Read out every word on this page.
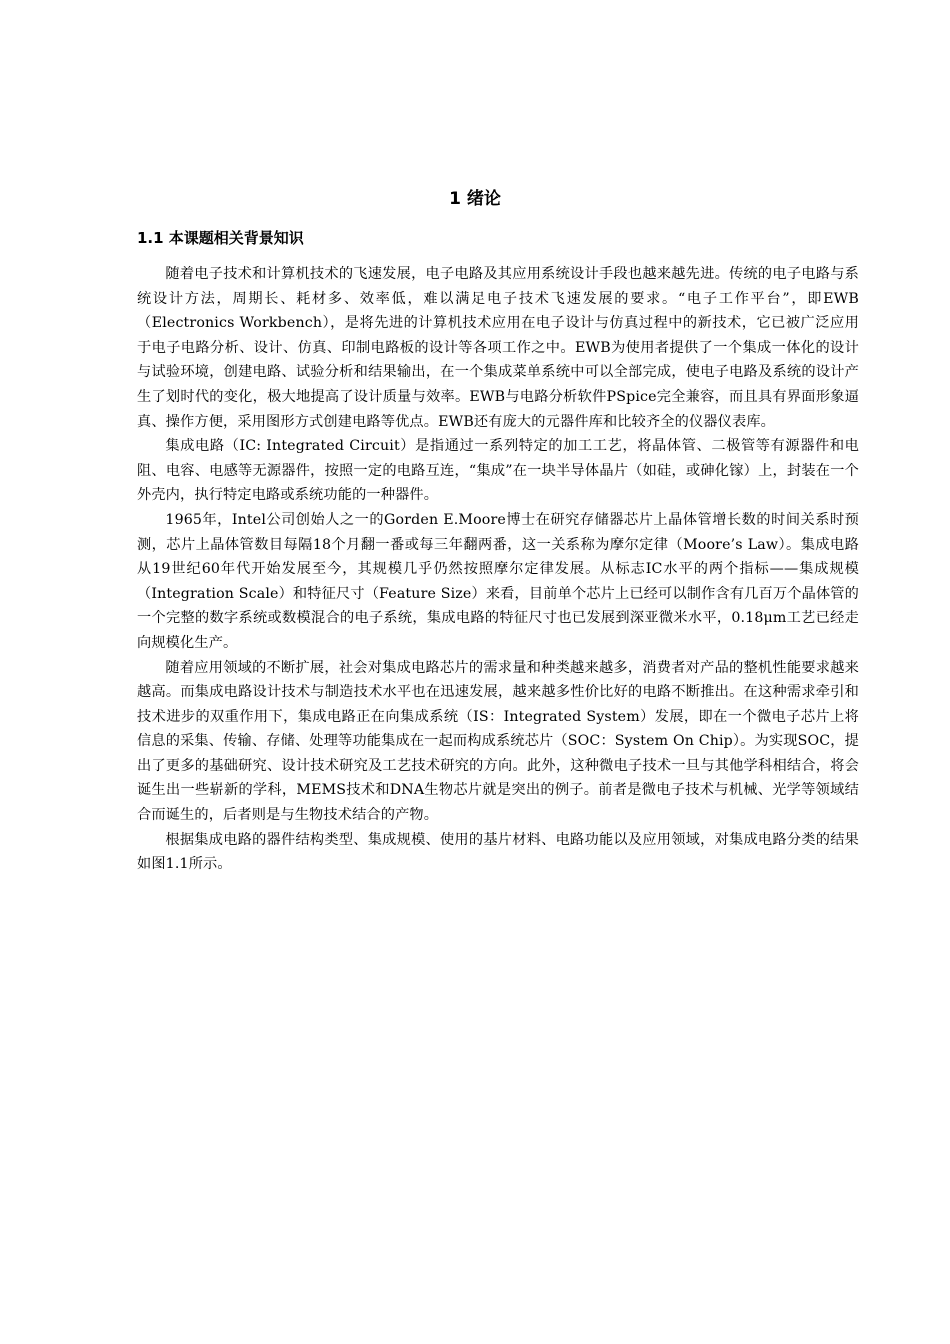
1 绪论
1.1 本课题相关背景知识

随着电子技术和计算机技术的飞速发展，电子电路及其应用系统设计手段也越来越先进。传统的电子电路与系统设计方法，周期长、耗材多、效率低，难以满足电子技术飞速发展的要求。“电子工作平台”，即EWB（Electronics Workbench），是将先进的计算机技术应用在电子设计与仿真过程中的新技术，它已被广泛应用于电子电路分析、设计、仿真、印制电路板的设计等各项工作之中。EWB为使用者提供了一个集成一体化的设计与试验环境，创建电路、试验分析和结果输出，在一个集成菜单系统中可以全部完成，使电子电路及系统的设计产生了划时代的变化，极大地提高了设计质量与效率。EWB与电路分析软件PSpice完全兼容，而且具有界面形象逼真、操作方便，采用图形方式创建电路等优点。EWB还有庞大的元器件库和比较齐全的仪器仪表库。

集成电路（IC: Integrated Circuit）是指通过一系列特定的加工工艺，将晶体管、二极管等有源器件和电阻、电容、电感等无源器件，按照一定的电路互连，“集成”在一块半导体晶片（如硅，或砷化镓）上，封装在一个外壳内，执行特定电路或系统功能的一种器件。

1965年，Intel公司创始人之一的Gorden E.Moore博士在研究存储器芯片上晶体管增长数的时间关系时预测，芯片上晶体管数目每隔18个月翻一番或每三年翻两番，这一关系称为摩尔定律（Moore’s Law）。集成电路从19世纪60年代开始发展至今，其规模几乎仍然按照摩尔定律发展。从标志IC水平的两个指标——集成规模（Integration Scale）和特征尺寸（Feature Size）来看，目前单个芯片上已经可以制作含有几百万个晶体管的一个完整的数字系统或数模混合的电子系统，集成电路的特征尺寸也已发展到深亚微米水平，0.18μm工艺已经走向规模化生产。

随着应用领域的不断扩展，社会对集成电路芯片的需求量和种类越来越多，消费者对产品的整机性能要求越来越高。而集成电路设计技术与制造技术水平也在迅速发展，越来越多性价比好的电路不断推出。在这种需求牵引和技术进步的双重作用下，集成电路正在向集成系统（IS：Integrated System）发展，即在一个微电子芯片上将信息的采集、传输、存储、处理等功能集成在一起而构成系统芯片（SOC：System On Chip）。为实现SOC，提出了更多的基础研究、设计技术研究及工艺技术研究的方向。此外，这种微电子技术一旦与其他学科相结合，将会诞生出一些崭新的学科，MEMS技术和DNA生物芯片就是突出的例子。前者是微电子技术与机械、光学等领域结合而诞生的，后者则是与生物技术结合的产物。

根据集成电路的器件结构类型、集成规模、使用的基片材料、电路功能以及应用领域，对集成电路分类的结果如图1.1所示。
